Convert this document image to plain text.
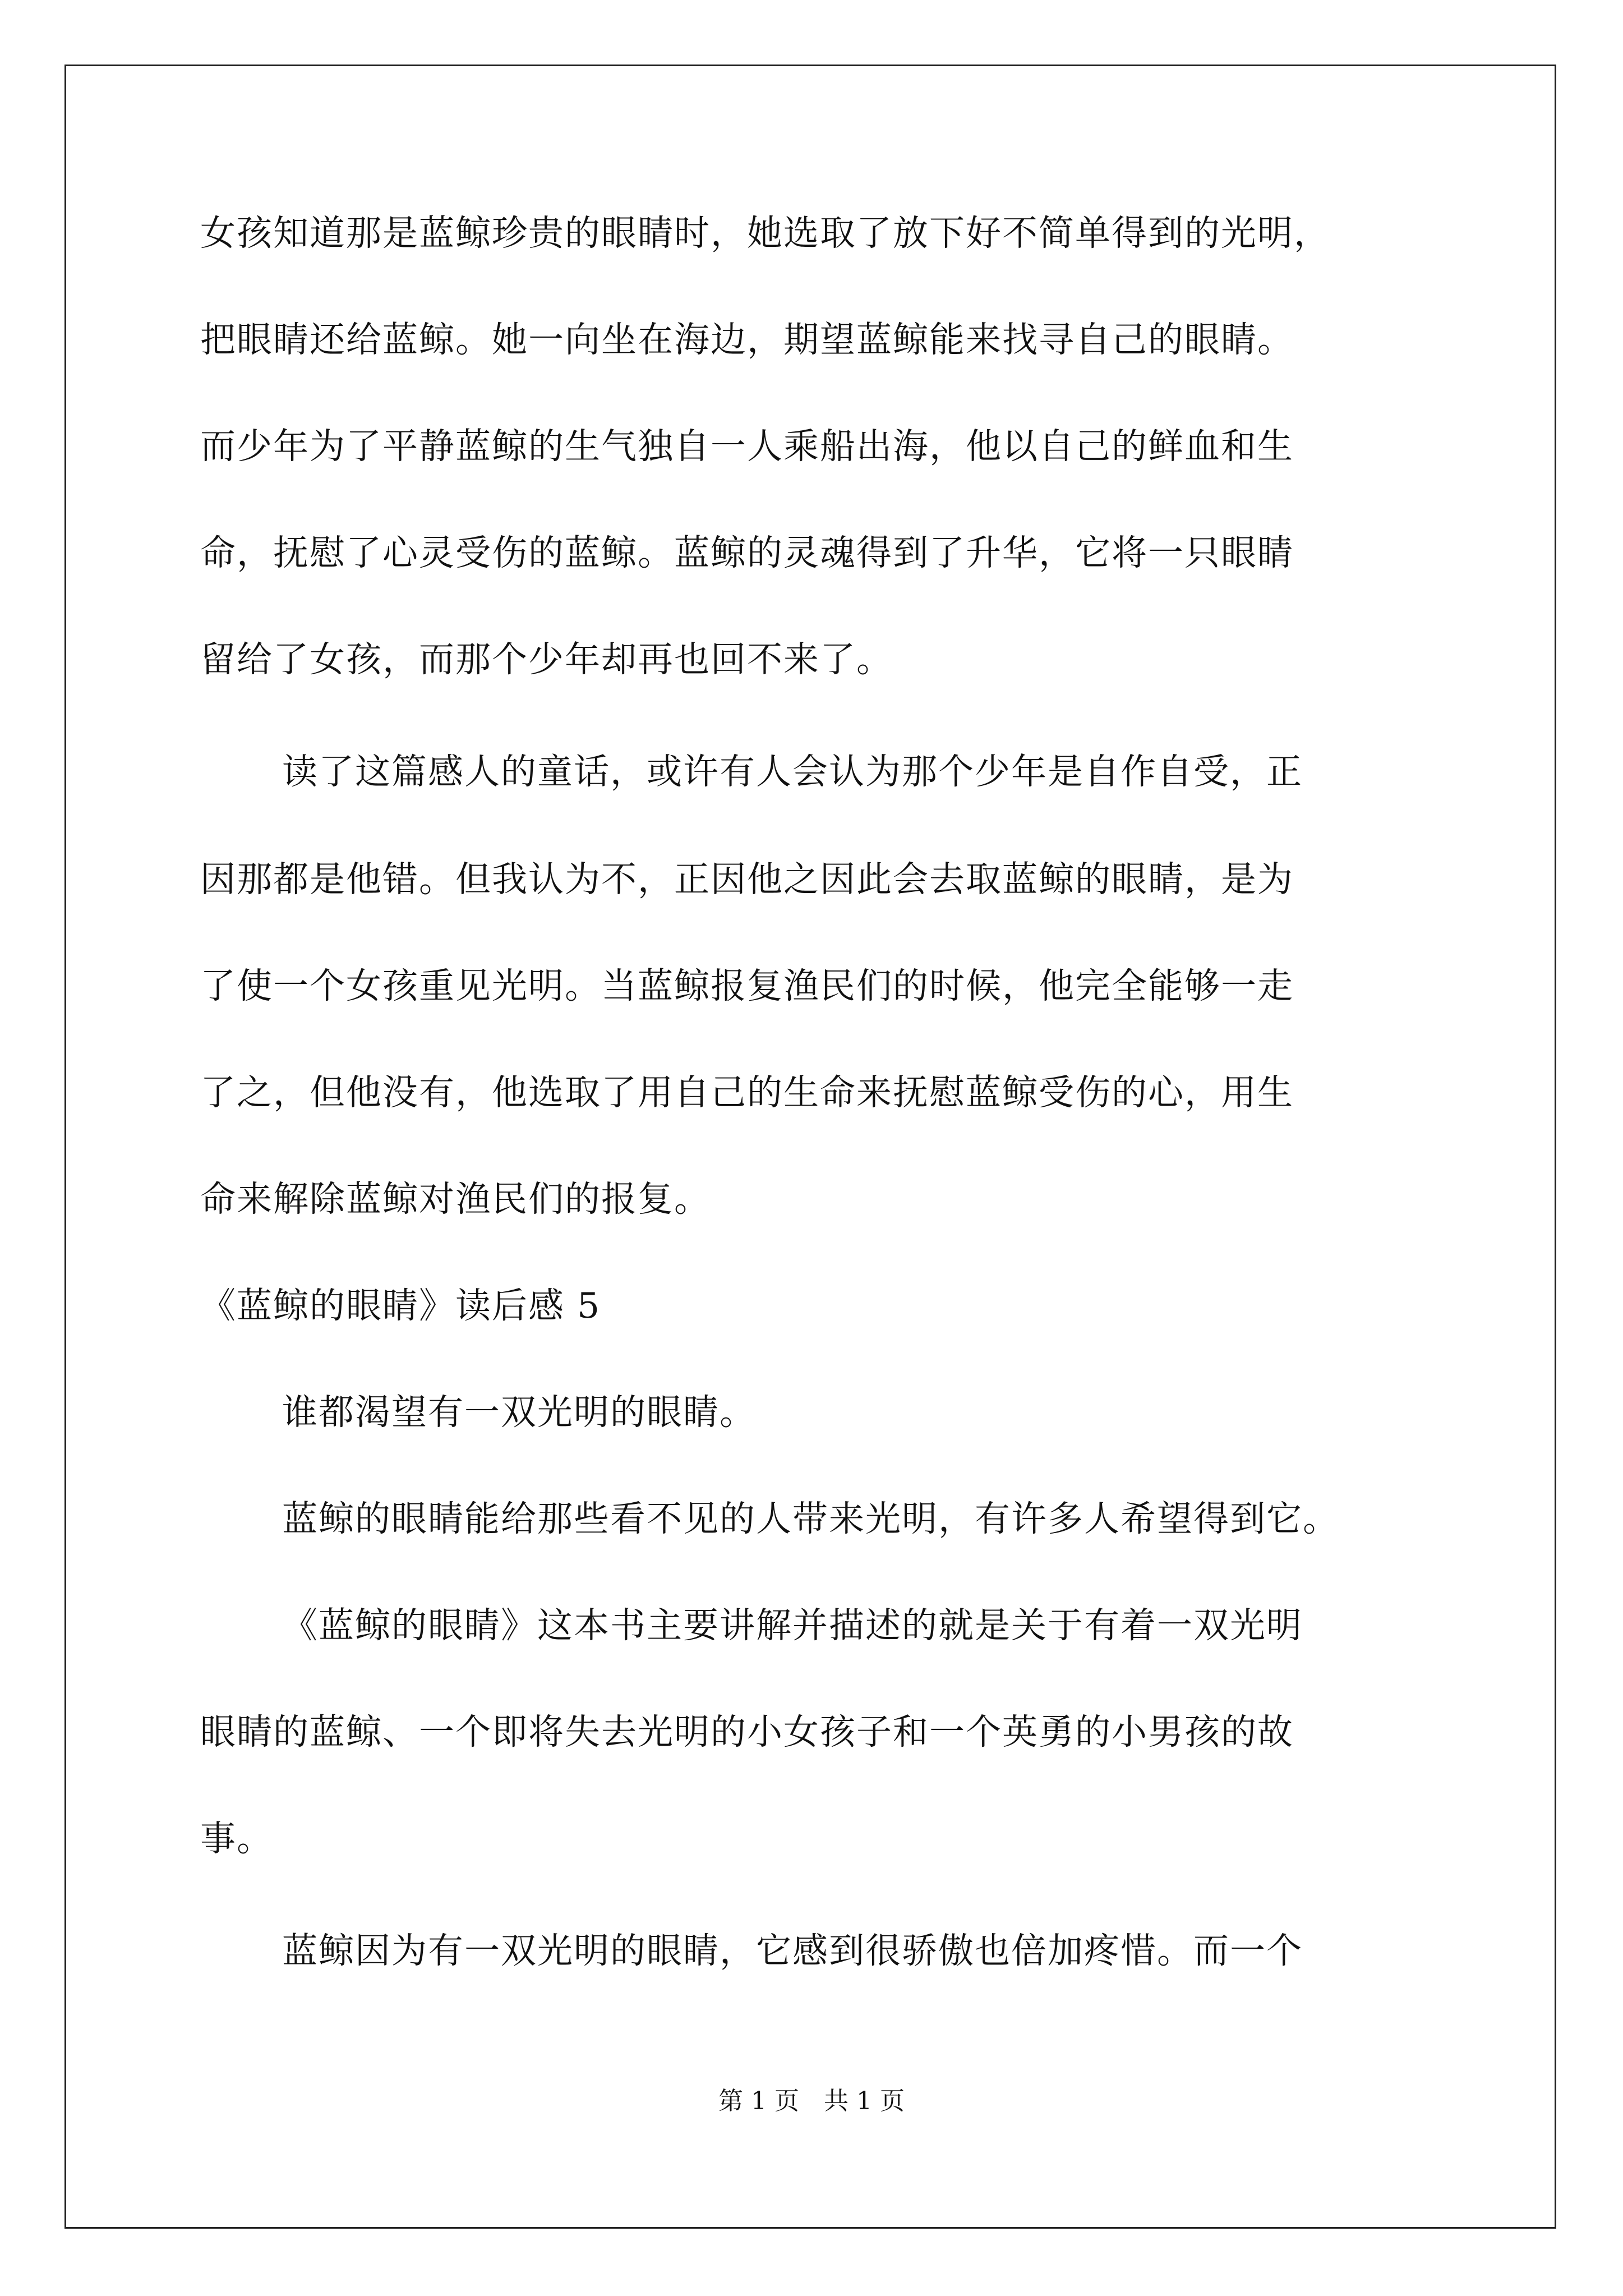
女孩知道那是蓝鲸珍贵的眼睛时，她选取了放下好不简单得到的光明，
把眼睛还给蓝鲸。她一向坐在海边，期望蓝鲸能来找寻自己的眼睛。
而少年为了平静蓝鲸的生气独自一人乘船出海，他以自己的鲜血和生
命，抚慰了心灵受伤的蓝鲸。蓝鲸的灵魂得到了升华，它将一只眼睛
留给了女孩，而那个少年却再也回不来了。
读了这篇感人的童话，或许有人会认为那个少年是自作自受，正
因那都是他错。但我认为不，正因他之因此会去取蓝鲸的眼睛，是为
了使一个女孩重见光明。当蓝鲸报复渔民们的时候，他完全能够一走
了之，但他没有，他选取了用自己的生命来抚慰蓝鲸受伤的心，用生
命来解除蓝鲸对渔民们的报复。
《蓝鲸的眼睛》读后感 5
谁都渴望有一双光明的眼睛。
蓝鲸的眼睛能给那些看不见的人带来光明，有许多人希望得到它。
《蓝鲸的眼睛》这本书主要讲解并描述的就是关于有着一双光明
眼睛的蓝鲸、一个即将失去光明的小女孩子和一个英勇的小男孩的故
事。
蓝鲸因为有一双光明的眼睛，它感到很骄傲也倍加疼惜。而一个
第 1 页　共 1 页
